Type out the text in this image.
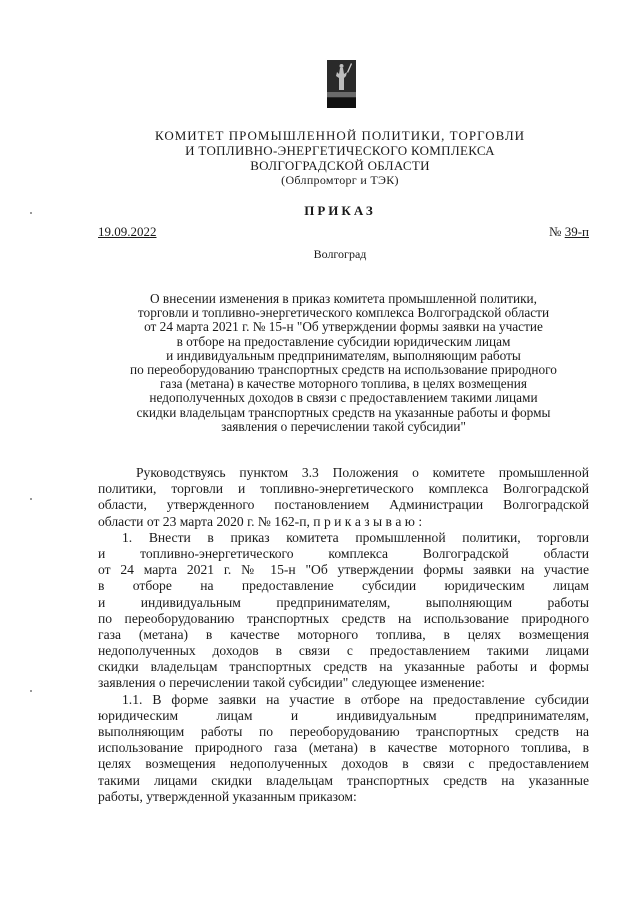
КОМИТЕТ ПРОМЫШЛЕННОЙ ПОЛИТИКИ, ТОРГОВЛИ
И ТОПЛИВНО-ЭНЕРГЕТИЧЕСКОГО КОМПЛЕКСА
ВОЛГОГРАДСКОЙ ОБЛАСТИ
(Облпромторг и ТЭК)
ПРИКАЗ
19.09.2022	№ 39-п
Волгоград
О внесении изменения в приказ комитета промышленной политики,
торговли и топливно-энергетического комплекса Волгоградской области
от 24 марта 2021 г. № 15-н "Об утверждении формы заявки на участие
в отборе на предоставление субсидии юридическим лицам
и индивидуальным предпринимателям, выполняющим работы
по переоборудованию транспортных средств на использование природного
газа (метана) в качестве моторного топлива, в целях возмещения
недополученных доходов в связи с предоставлением такими лицами
скидки владельцам транспортных средств на указанные работы и формы
заявления о перечислении такой субсидии"
Руководствуясь пунктом 3.3 Положения о комитете промышленной
политики, торговли и топливно-энергетического комплекса Волгоградской
области, утвержденного постановлением Администрации Волгоградской
области от 23 марта 2020 г. № 162-п, п р и к а з ы в а ю :
1. Внести в приказ комитета промышленной политики, торговли
и топливно-энергетического комплекса Волгоградской области
от 24 марта 2021 г. № 15-н "Об утверждении формы заявки на участие
в отборе на предоставление субсидии юридическим лицам
и индивидуальным предпринимателям, выполняющим работы
по переоборудованию транспортных средств на использование природного
газа (метана) в качестве моторного топлива, в целях возмещения
недополученных доходов в связи с предоставлением такими лицами
скидки владельцам транспортных средств на указанные работы и формы
заявления о перечислении такой субсидии" следующее изменение:
1.1. В форме заявки на участие в отборе на предоставление субсидии
юридическим лицам и индивидуальным предпринимателям,
выполняющим работы по переоборудованию транспортных средств на
использование природного газа (метана) в качестве моторного топлива, в
целях возмещения недополученных доходов в связи с предоставлением
такими лицами скидки владельцам транспортных средств на указанные
работы, утвержденной указанным приказом:
